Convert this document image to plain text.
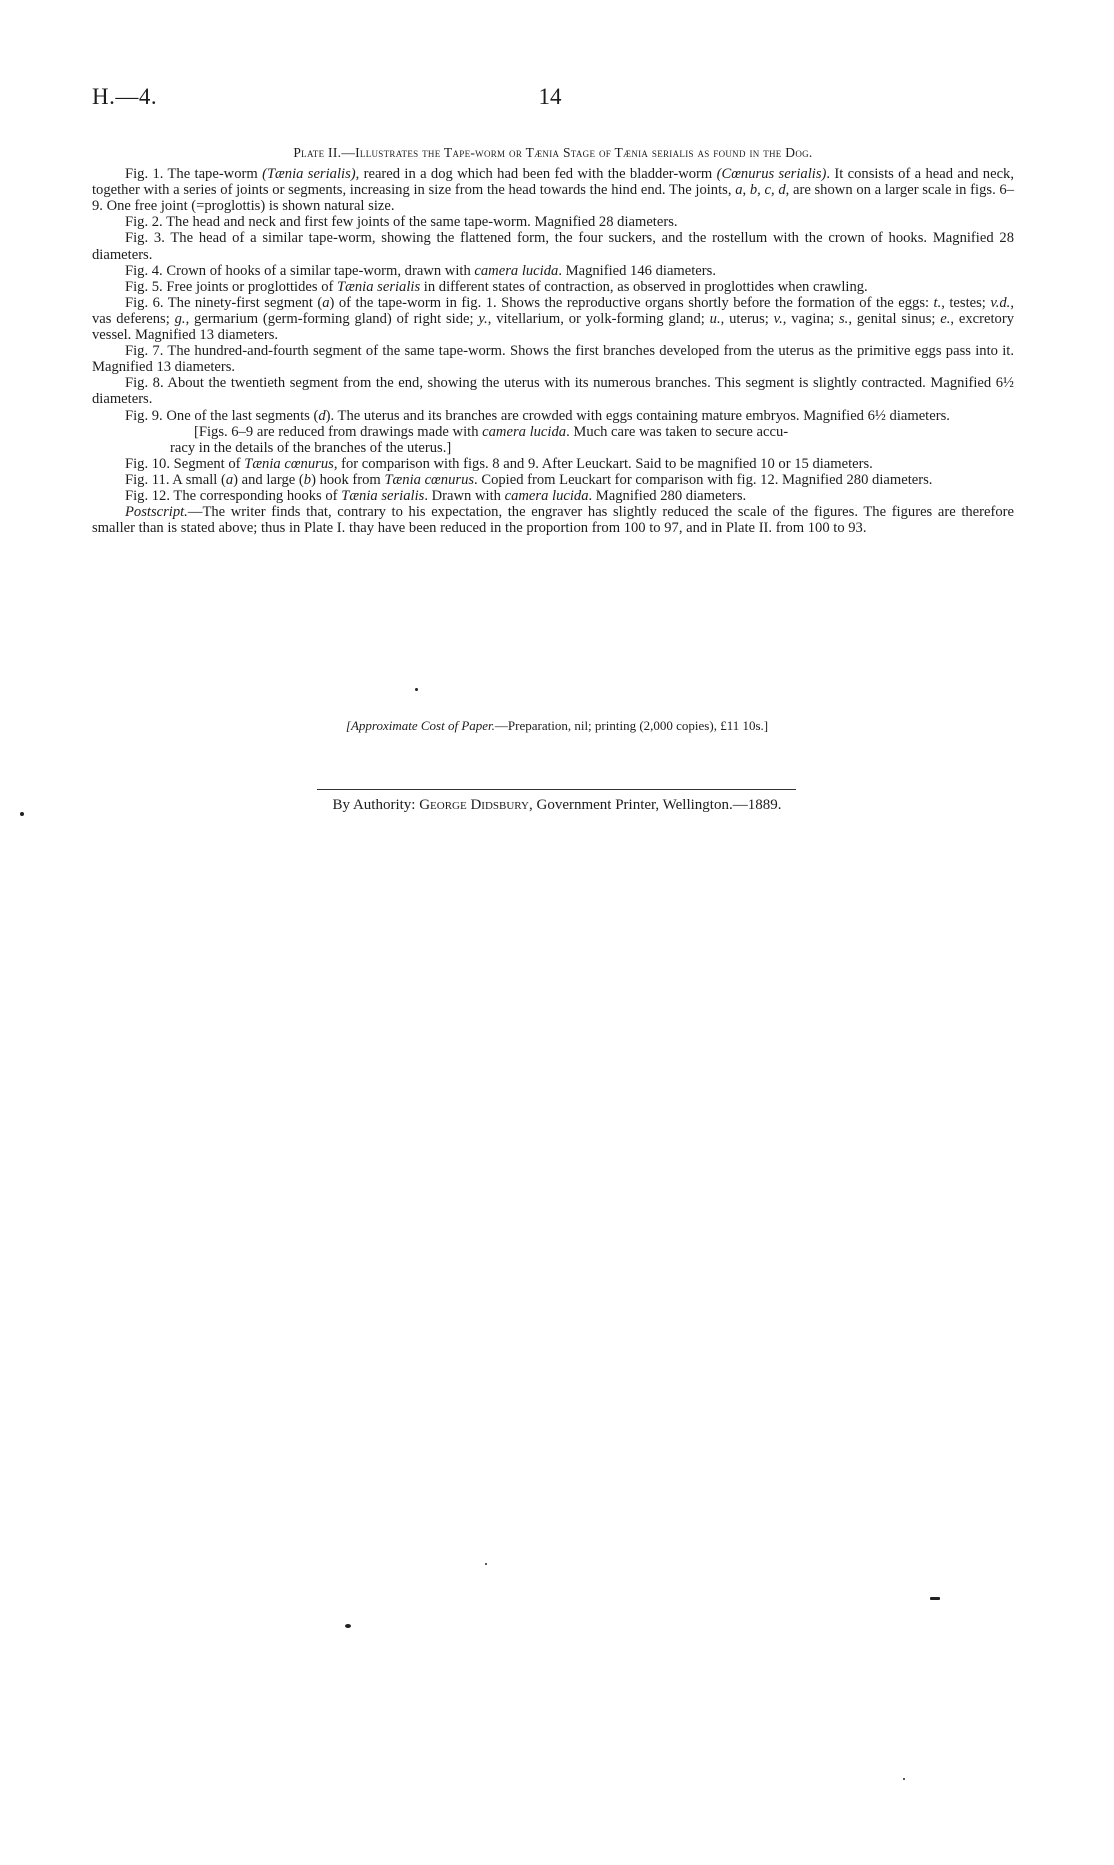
H.—4.	14

Plate II.—Illustrates the Tape-worm or Tænia Stage of Tænia serialis as found in the Dog.

Fig. 1. The tape-worm (Tænia serialis), reared in a dog which had been fed with the bladder-worm (Cœnurus serialis). It consists of a head and neck, together with a series of joints or segments, increasing in size from the head towards the hind end. The joints, a, b, c, d, are shown on a larger scale in figs. 6–9. One free joint (=proglottis) is shown natural size.

Fig. 2. The head and neck and first few joints of the same tape-worm. Magnified 28 diameters.

Fig. 3. The head of a similar tape-worm, showing the flattened form, the four suckers, and the rostellum with the crown of hooks. Magnified 28 diameters.

Fig. 4. Crown of hooks of a similar tape-worm, drawn with camera lucida. Magnified 146 diameters.

Fig. 5. Free joints or proglottides of Tænia serialis in different states of contraction, as observed in proglottides when crawling.

Fig. 6. The ninety-first segment (a) of the tape-worm in fig. 1. Shows the reproductive organs shortly before the formation of the eggs: t., testes; v.d., vas deferens; g., germarium (germ-forming gland) of right side; y., vitellarium, or yolk-forming gland; u., uterus; v., vagina; s., genital sinus; e., excretory vessel. Magnified 13 diameters.

Fig. 7. The hundred-and-fourth segment of the same tape-worm. Shows the first branches developed from the uterus as the primitive eggs pass into it. Magnified 13 diameters.

Fig. 8. About the twentieth segment from the end, showing the uterus with its numerous branches. This segment is slightly contracted. Magnified 6½ diameters.

Fig. 9. One of the last segments (d). The uterus and its branches are crowded with eggs containing mature embryos. Magnified 6½ diameters.

[Figs. 6–9 are reduced from drawings made with camera lucida. Much care was taken to secure accu-
racy in the details of the branches of the uterus.]

Fig. 10. Segment of Tænia cœnurus, for comparison with figs. 8 and 9. After Leuckart. Said to be magnified 10 or 15 diameters.

Fig. 11. A small (a) and large (b) hook from Tænia cœnurus. Copied from Leuckart for comparison with fig. 12. Magnified 280 diameters.

Fig. 12. The corresponding hooks of Tænia serialis. Drawn with camera lucida. Magnified 280 diameters.

Postscript.—The writer finds that, contrary to his expectation, the engraver has slightly reduced the scale of the figures. The figures are therefore smaller than is stated above; thus in Plate I. thay have been reduced in the proportion from 100 to 97, and in Plate II. from 100 to 93.

[Approximate Cost of Paper.—Preparation, nil; printing (2,000 copies), £11 10s.]
By Authority: George Didsbury, Government Printer, Wellington.—1889.
